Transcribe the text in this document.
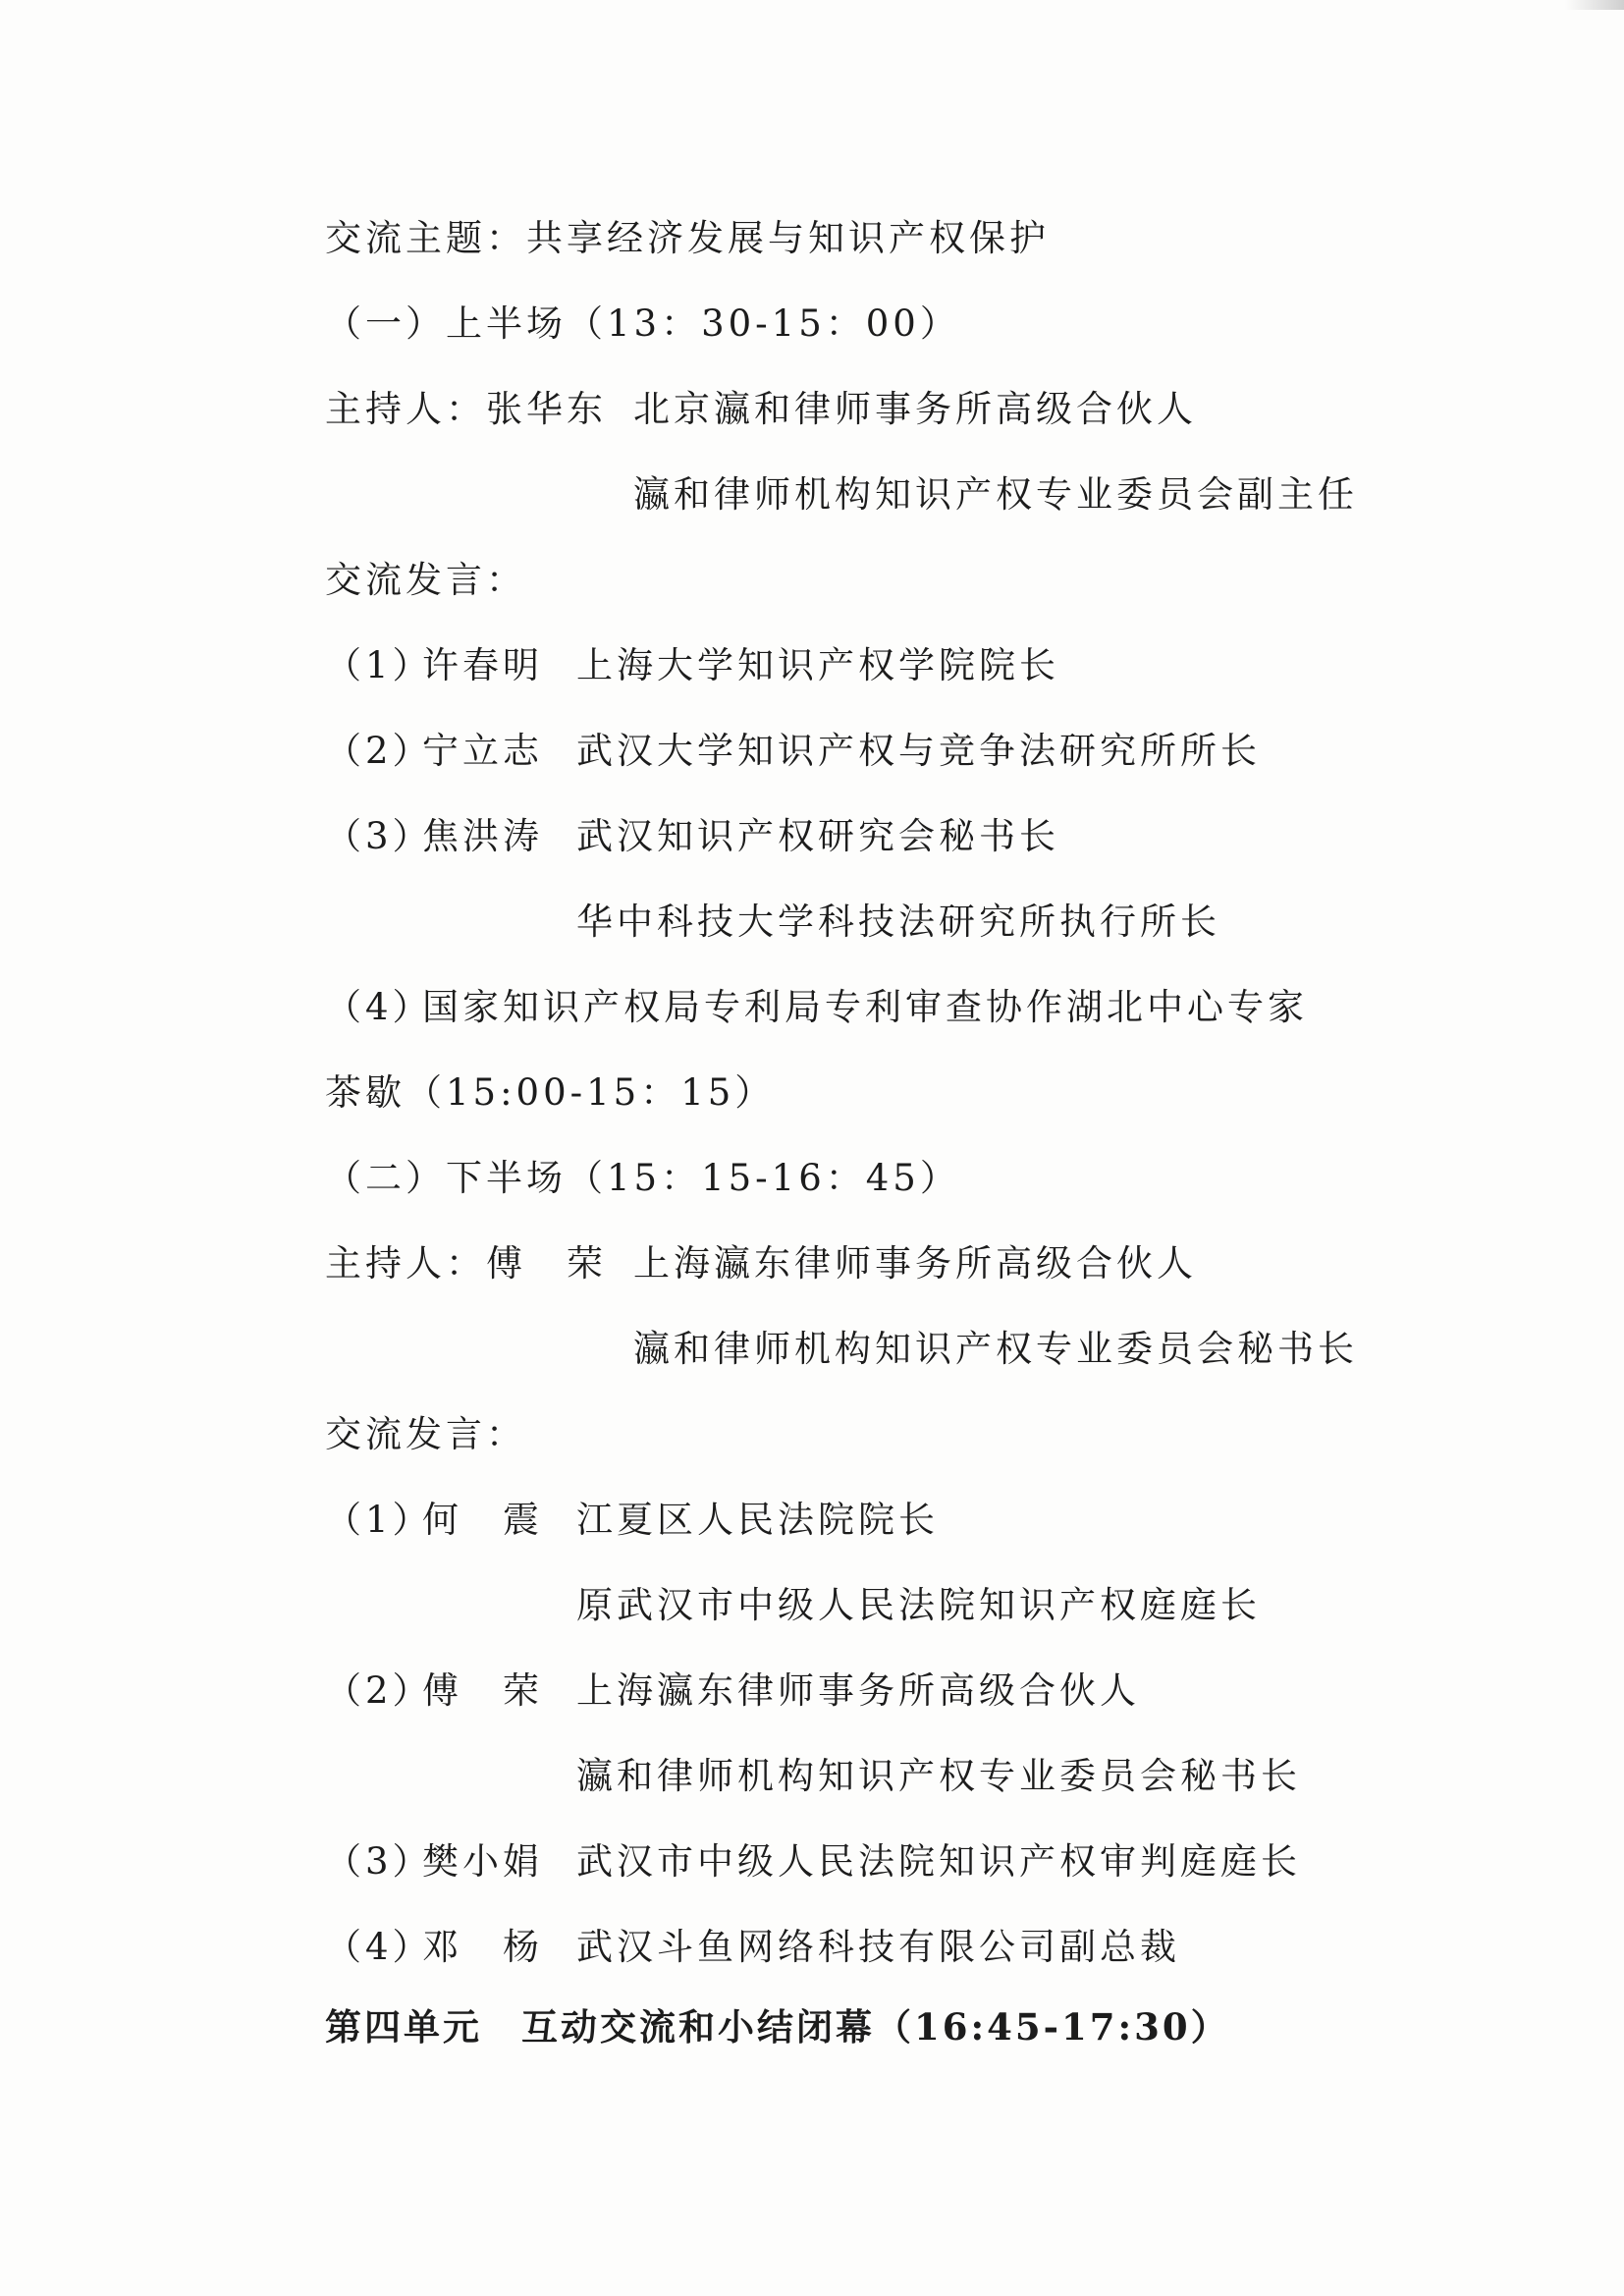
交流主题：共享经济发展与知识产权保护
（一）上半场（13：30-15：00）
主持人：张华东 北京瀛和律师事务所高级合伙人
瀛和律师机构知识产权专业委员会副主任
交流发言：
（1）
许春明 上海大学知识产权学院院长
（2）
宁立志 武汉大学知识产权与竞争法研究所所长
（3）
焦洪涛 武汉知识产权研究会秘书长
华中科技大学科技法研究所执行所长
（4）
国家知识产权局专利局专利审查协作湖北中心专家
茶歇（15:00-15：15）
（二）下半场（15：15-16：45）
主持人：傅　荣 上海瀛东律师事务所高级合伙人
瀛和律师机构知识产权专业委员会秘书长
交流发言：
（1）
何　震 江夏区人民法院院长
原武汉市中级人民法院知识产权庭庭长
（2）
傅　荣 上海瀛东律师事务所高级合伙人
瀛和律师机构知识产权专业委员会秘书长
（3）
樊小娟 武汉市中级人民法院知识产权审判庭庭长
（4）
邓　杨 武汉斗鱼网络科技有限公司副总裁
第四单元　互动交流和小结闭幕（16:45-17:30）
